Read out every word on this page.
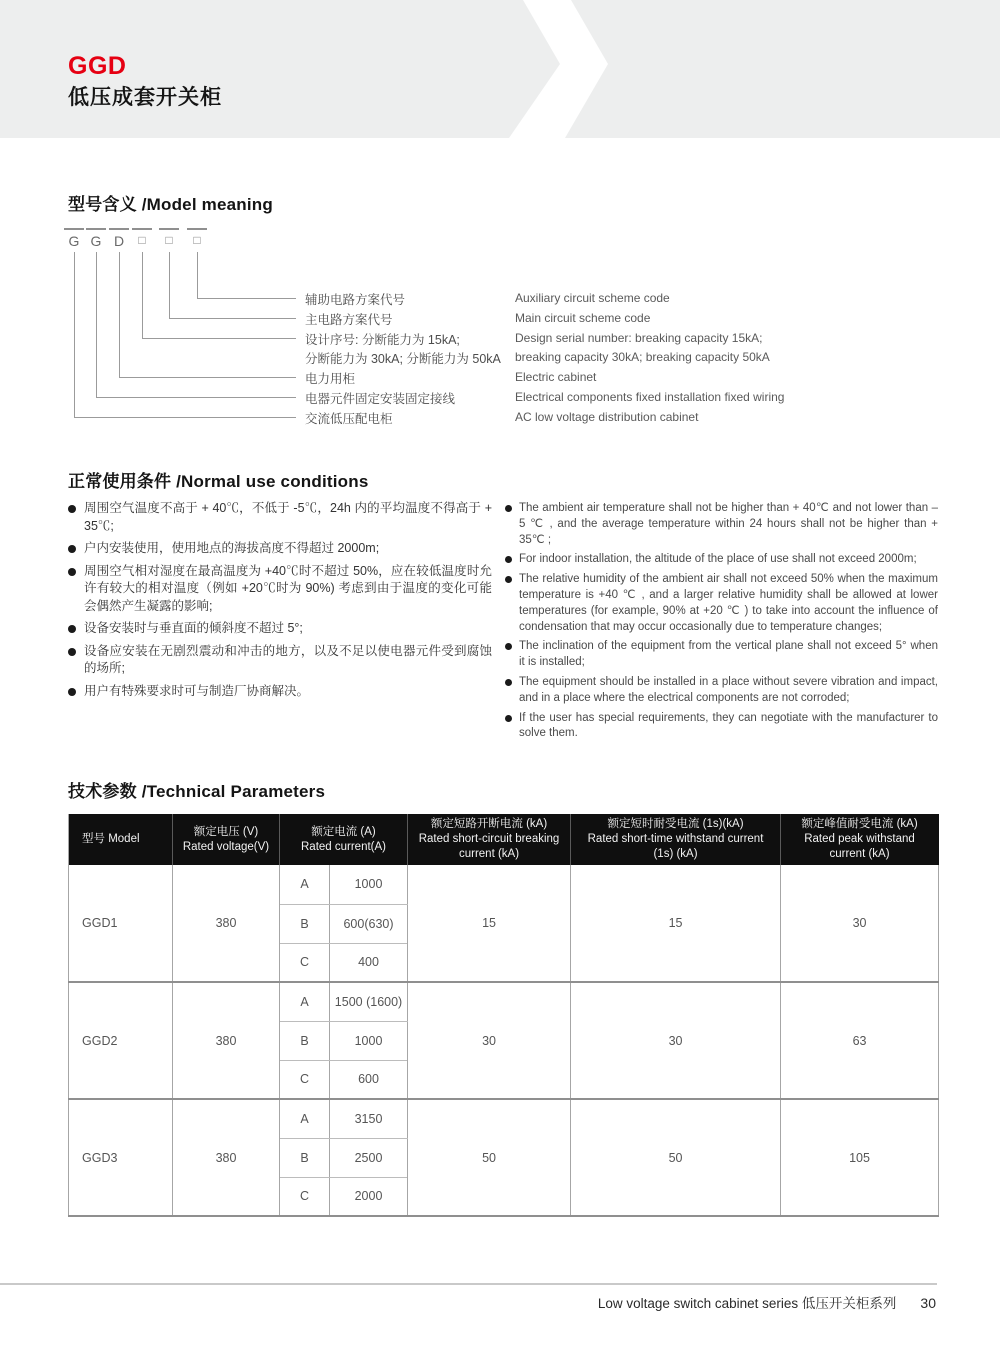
GGD
低压成套开关柜
型号含义 /Model meaning
G G D	□	□	□
辅助电路方案代号
主电路方案代号
设计序号: 分断能力为 15kA;
分断能力为 30kA; 分断能力为 50kA
电力用柜
电器元件固定安装固定接线
交流低压配电柜
Auxiliary circuit scheme code
Main circuit scheme code
Design serial number: breaking capacity 15kA;
breaking capacity 30kA; breaking capacity 50kA
Electric cabinet
Electrical components fixed installation fixed wiring
AC low voltage distribution cabinet
正常使用条件 /Normal use conditions
周围空气温度不高于 + 40℃，不低于 -5℃，24h 内的平均温度不得高于 + 35℃;
户内安装使用，使用地点的海拔高度不得超过 2000m;
周围空气相对湿度在最高温度为 +40℃时不超过 50%，应在较低温度时允许有较大的相对温度（例如 +20℃时为 90%) 考虑到由于温度的变化可能会偶然产生凝露的影响;
设备安装时与垂直面的倾斜度不超过 5°;
设备应安装在无剧烈震动和冲击的地方，以及不足以使电器元件受到腐蚀的场所;
用户有特殊要求时可与制造厂协商解决。
The ambient air temperature shall not be higher than + 40℃ and not lower than –5 ℃ , and the average temperature within 24 hours shall not be higher than + 35℃ ;
For indoor installation, the altitude of the place of use shall not exceed 2000m;
The relative humidity of the ambient air shall not exceed 50% when the maximum temperature is +40 ℃ , and a larger relative humidity shall be allowed at lower temperatures (for example, 90% at +20 ℃ ) to take into account the influence of condensation that may occur occasionally due to temperature changes;
The inclination of the equipment from the vertical plane shall not exceed 5° when it is installed;
The equipment should be installed in a place without severe vibration and impact, and in a place where the electrical components are not corroded;
If the user has special requirements, they can negotiate with the manufacturer to solve them.
技术参数 /Technical Parameters
型号 Model	
额定电压 (V)
Rated voltage(V)

额定电流 (A)
Rated current(A)

额定短路开断电流 (kA)
Rated short-circuit breaking current (kA)

额定短时耐受电流 (1s)(kA)
Rated short-time withstand current (1s) (kA)

额定峰值耐受电流 (kA)
Rated peak withstand current (kA)

GGD1	380	A	1000	15	15	30
		B	600(630)			
		C	400			
GGD2	380	A	1500 (1600)	30	30	63
		B	1000			
		C	600			
GGD3	380	A	3150	50	50	105
		B	2500			
		C	2000			
Low voltage switch cabinet series 低压开关柜系列 30
